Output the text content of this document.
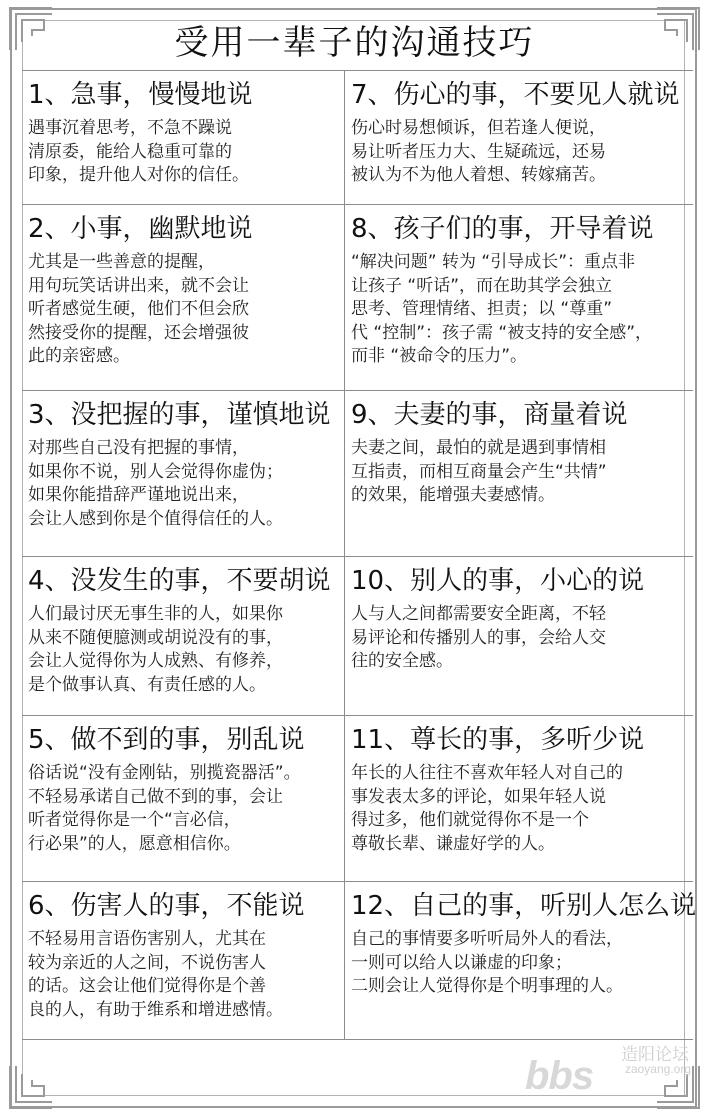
受用一辈子的沟通技巧
1、急事，慢慢地说
遇事沉着思考，不急不躁说
清原委，能给人稳重可靠的
印象，提升他人对你的信任。
7、伤心的事，不要见人就说
伤心时易想倾诉，但若逢人便说，
易让听者压力大、生疑疏远，还易
被认为不为他人着想、转嫁痛苦。
2、小事，幽默地说
尤其是一些善意的提醒，
用句玩笑话讲出来，就不会让
听者感觉生硬，他们不但会欣
然接受你的提醒，还会增强彼
此的亲密感。
8、孩子们的事，开导着说
“解决问题” 转为 “引导成长”：重点非
让孩子 “听话”，而在助其学会独立
思考、管理情绪、担责；以 “尊重”
代 “控制”：孩子需 “被支持的安全感”，
而非 “被命令的压力”。
3、没把握的事，谨慎地说
对那些自己没有把握的事情，
如果你不说，别人会觉得你虚伪；
如果你能措辞严谨地说出来，
会让人感到你是个值得信任的人。
9、夫妻的事，商量着说
夫妻之间，最怕的就是遇到事情相
互指责，而相互商量会产生“共情”
的效果，能增强夫妻感情。
4、没发生的事，不要胡说
人们最讨厌无事生非的人，如果你
从来不随便臆测或胡说没有的事，
会让人觉得你为人成熟、有修养，
是个做事认真、有责任感的人。
10、别人的事，小心的说
人与人之间都需要安全距离，不轻
易评论和传播别人的事，会给人交
往的安全感。
5、做不到的事，别乱说
俗话说“没有金刚钻，别揽瓷器活”。
不轻易承诺自己做不到的事，会让
听者觉得你是一个“言必信，
行必果”的人，愿意相信你。
11、尊长的事，多听少说
年长的人往往不喜欢年轻人对自己的
事发表太多的评论，如果年轻人说
得过多，他们就觉得你不是一个
尊敬长辈、谦虚好学的人。
6、伤害人的事，不能说
不轻易用言语伤害别人，尤其在
较为亲近的人之间，不说伤害人
的话。这会让他们觉得你是个善
良的人，有助于维系和增进感情。
12、自己的事，听别人怎么说
自己的事情要多听听局外人的看法，
一则可以给人以谦虚的印象；
二则会让人觉得你是个明事理的人。
bbs 造阳论坛
zaoyang.org
